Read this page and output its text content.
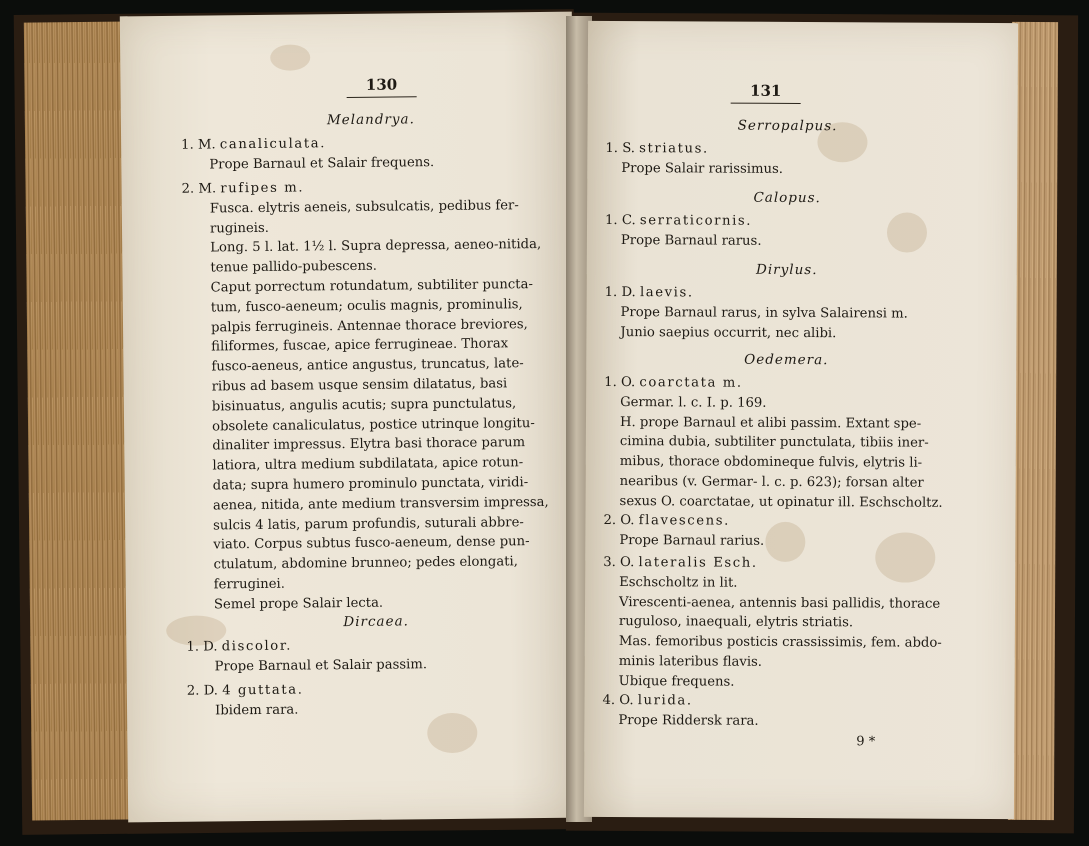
130
Melandrya.
1. M. canaliculata.
Prope Barnaul et Salair frequens.
2. M. rufipes m.
Fusca. elytris aeneis, subsulcatis, pedibus fer-
rugineis.
Long. 5 l. lat. 1½ l. Supra depressa, aeneo-nitida,
tenue pallido-pubescens.
Caput porrectum rotundatum, subtiliter puncta-
tum, fusco-aeneum; oculis magnis, prominulis,
palpis ferrugineis. Antennae thorace breviores,
filiformes, fuscae, apice ferrugineae. Thorax
fusco-aeneus, antice angustus, truncatus, late-
ribus ad basem usque sensim dilatatus, basi
bisinuatus, angulis acutis; supra punctulatus,
obsolete canaliculatus, postice utrinque longitu-
dinaliter impressus. Elytra basi thorace parum
latiora, ultra medium subdilatata, apice rotun-
data; supra humero prominulo punctata, viridi-
aenea, nitida, ante medium transversim impressa,
sulcis 4 latis, parum profundis, suturali abbre-
viato. Corpus subtus fusco-aeneum, dense pun-
ctulatum, abdomine brunneo; pedes elongati,
ferruginei.
Semel prope Salair lecta.
Dircaea.
1. D. discolor.
Prope Barnaul et Salair passim.
2. D. 4 guttata.
Ibidem rara.
131
Serropalpus.
1. S. striatus.
Prope Salair rarissimus.
Calopus.
1. C. serraticornis.
Prope Barnaul rarus.
Dirylus.
1. D. laevis.
Prope Barnaul rarus, in sylva Salairensi m.
Junio saepius occurrit, nec alibi.
Oedemera.
1. O. coarctata m.
Germar. l. c. I. p. 169.
H. prope Barnaul et alibi passim. Extant spe-
cimina dubia, subtiliter punctulata, tibiis iner-
mibus, thorace obdomineque fulvis, elytris li-
nearibus (v. Germar- l. c. p. 623); forsan alter
sexus O. coarctatae, ut opinatur ill. Eschscholtz.
2. O. flavescens.
Prope Barnaul rarius.
3. O. lateralis Esch.
Eschscholtz in lit.
Virescenti-aenea, antennis basi pallidis, thorace
ruguloso, inaequali, elytris striatis.
Mas. femoribus posticis crassissimis, fem. abdo-
minis lateribus flavis.
Ubique frequens.
4. O. lurida.
Prope Riddersk rara.
9 *
